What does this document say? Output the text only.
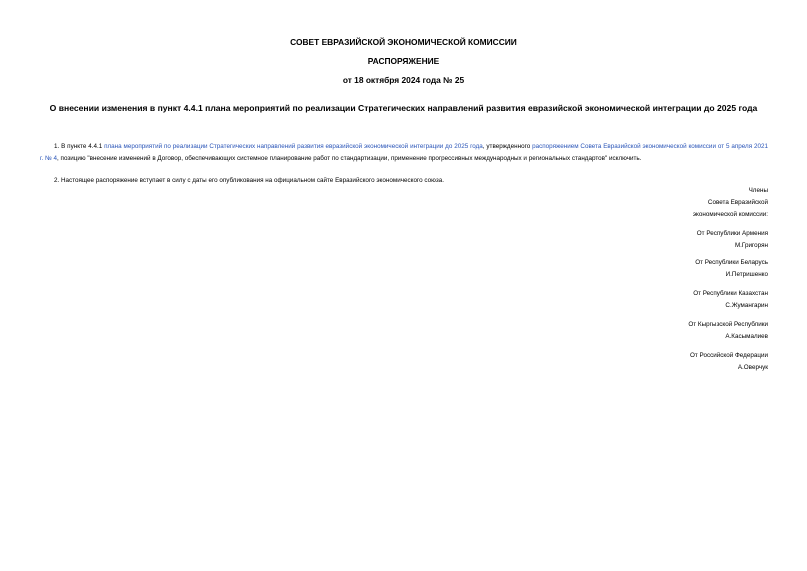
СОВЕТ ЕВРАЗИЙСКОЙ ЭКОНОМИЧЕСКОЙ КОМИССИИ
РАСПОРЯЖЕНИЕ
от 18 октября 2024 года № 25
О внесении изменения в пункт 4.4.1 плана мероприятий по реализации Стратегических направлений развития евразийской экономической интеграции до 2025 года
1. В пункте 4.4.1 плана мероприятий по реализации Стратегических направлений развития евразийской экономической интеграции до 2025 года, утвержденного распоряжением Совета Евразийской экономической комиссии от 5 апреля 2021 г. № 4, позицию "внесение изменений в Договор, обеспечивающих системное планирование работ по стандартизации, применение прогрессивных международных и региональных стандартов" исключить.
2. Настоящее распоряжение вступает в силу с даты его опубликования на официальном сайте Евразийского экономического союза.
Члены
Совета Евразийской
экономической комиссии:
От Республики Армения
М.Григорян
От Республики Беларусь
И.Петришенко
От Республики Казахстан
С.Жумангарин
От Кыргызской Республики
А.Касымалиев
От Российской Федерации
А.Оверчук
